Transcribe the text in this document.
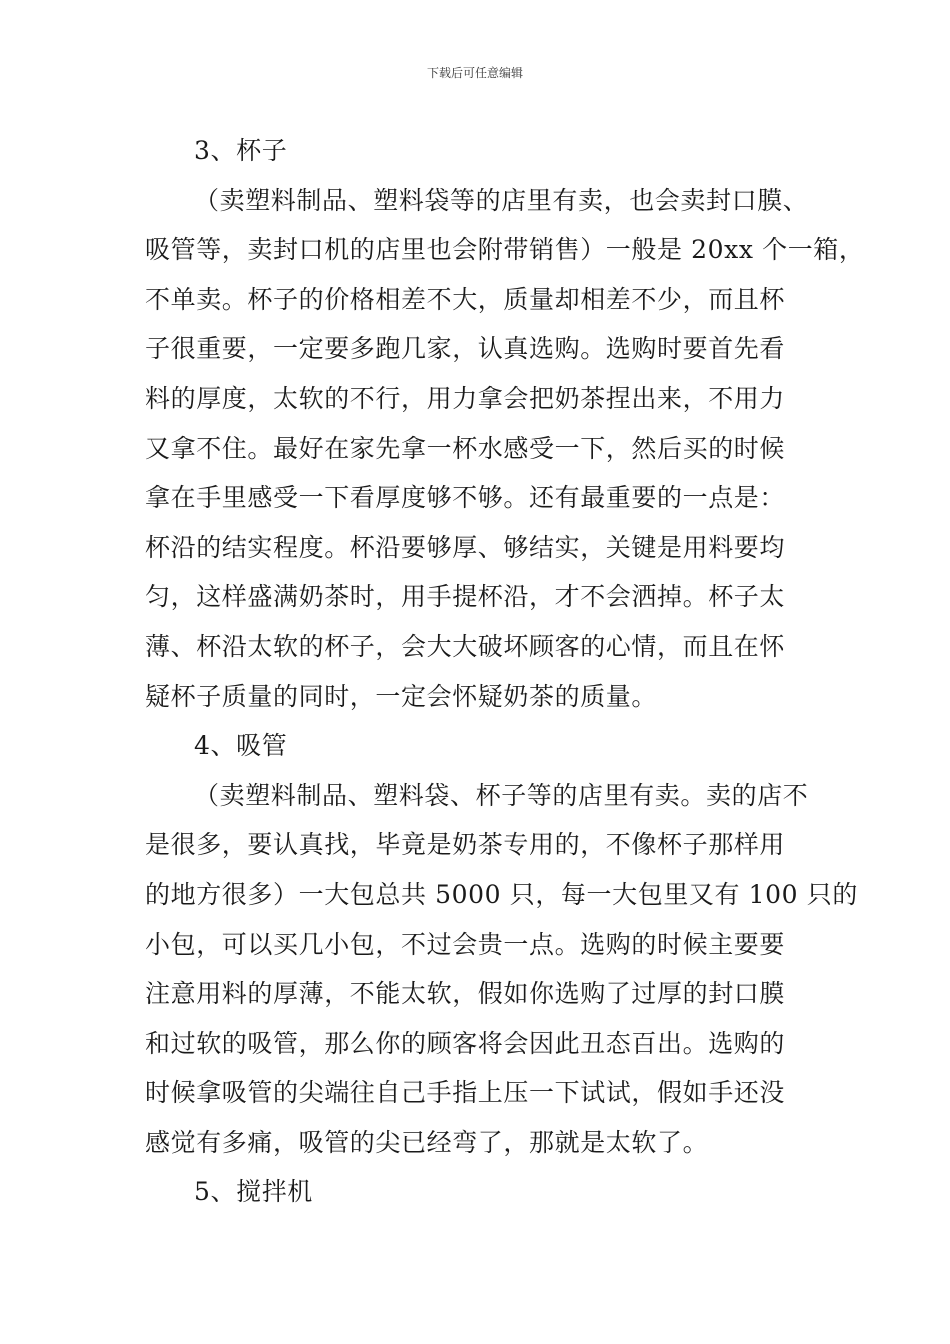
下载后可任意编辑
3、杯子
（卖塑料制品、塑料袋等的店里有卖，也会卖封口膜、
吸管等，卖封口机的店里也会附带销售）一般是 20xx 个一箱，
不单卖。杯子的价格相差不大，质量却相差不少，而且杯
子很重要，一定要多跑几家，认真选购。选购时要首先看
料的厚度，太软的不行，用力拿会把奶茶捏出来，不用力
又拿不住。最好在家先拿一杯水感受一下，然后买的时候
拿在手里感受一下看厚度够不够。还有最重要的一点是：
杯沿的结实程度。杯沿要够厚、够结实，关键是用料要均
匀，这样盛满奶茶时，用手提杯沿，才不会洒掉。杯子太
薄、杯沿太软的杯子，会大大破坏顾客的心情，而且在怀
疑杯子质量的同时，一定会怀疑奶茶的质量。
4、吸管
（卖塑料制品、塑料袋、杯子等的店里有卖。卖的店不
是很多，要认真找，毕竟是奶茶专用的，不像杯子那样用
的地方很多）一大包总共 5000 只，每一大包里又有 100 只的
小包，可以买几小包，不过会贵一点。选购的时候主要要
注意用料的厚薄，不能太软，假如你选购了过厚的封口膜
和过软的吸管，那么你的顾客将会因此丑态百出。选购的
时候拿吸管的尖端往自己手指上压一下试试，假如手还没
感觉有多痛，吸管的尖已经弯了，那就是太软了。
5、搅拌机
